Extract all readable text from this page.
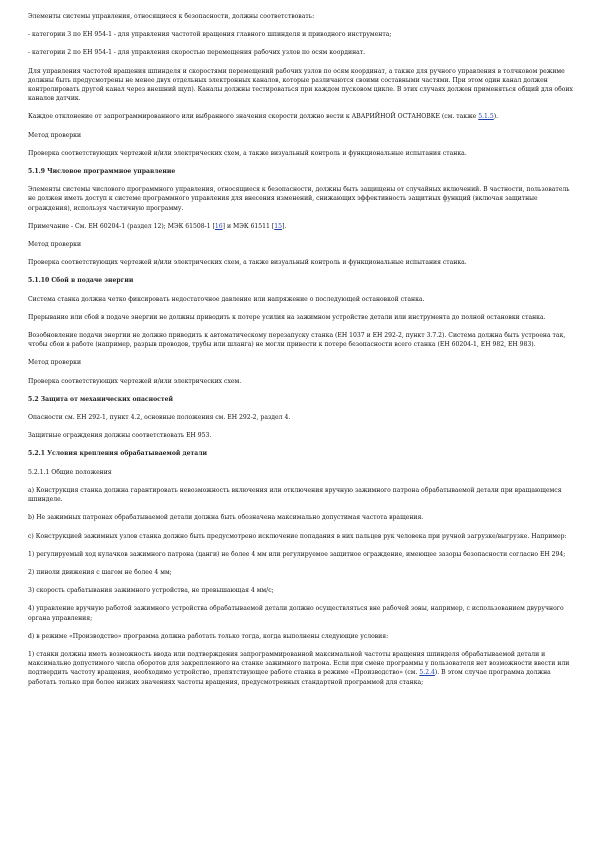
Элементы системы управления, относящиеся к безопасности, должны соответствовать:

- категории 3 по ЕН 954-1 - для управления частотой вращения главного шпинделя и приводного инструмента;

- категории 2 по ЕН 954-1 - для управления скоростью перемещения рабочих узлов по осям координат.

Для управления частотой вращения шпинделя и скоростями перемещений рабочих узлов по осям координат, а также для ручного управления в толчковом режиме должны быть предусмотрены не менее двух отдельных электронных каналов, которые различаются своими составными частями. При этом один канал должен контролировать другой канал через внешний щуп). Каналы должны тестироваться при каждом пусковом цикле. В этих случаях должен применяться общий для обоих каналов датчик.

Каждое отклонение от запрограммированного или выбранного значения скорости должно вести к АВАРИЙНОЙ ОСТАНОВКЕ (см. также 5.1.5).

Метод проверки

Проверка соответствующих чертежей и/или электрических схем, а также визуальный контроль и функциональные испытания станка.

5.1.9 Числовое программное управление

Элементы системы числового программного управления, относящиеся к безопасности, должны быть защищены от случайных включений. В частности, пользователь не должен иметь доступ к системе программного управления для внесения изменений, снижающих эффективность защитных функций (включая защитные ограждения), используя частичную программу.

Примечание - См. ЕН 60204-1 (раздел 12); МЭК 61508-1 [16] и МЭК 61511 [15].

Метод проверки

Проверка соответствующих чертежей и/или электрических схем, а также визуальный контроль и функциональные испытания станка.

5.1.10 Сбой в подаче энергии

Система станка должна четко фиксировать недостаточное давление или напряжение о последующей остановкой станка.

Прерывание или сбой в подаче энергии не должны приводить к потере усилия на зажимном устройстве детали или инструмента до полной остановки станка.

Возобновление подачи энергии не должно приводить к автоматическому перезапуску станка (ЕН 1037 и ЕН 292-2, пункт 3.7.2). Система должна быть устроена так, чтобы сбои в работе (например, разрыв проводов, трубы или шланга) не могли привести к потере безопасности всего станка (ЕН 60204-1, ЕН 982, ЕН 983).

Метод проверки

Проверка соответствующих чертежей и/или электрических схем.

5.2 Защита от механических опасностей

Опасности см. ЕН 292-1, пункт 4.2, основные положения см. ЕН 292-2, раздел 4.

Защитные ограждения должны соответствовать ЕН 953.

5.2.1 Условия крепления обрабатываемой детали

5.2.1.1 Общие положения

а) Конструкция станка должна гарантировать невозможность включения или отключения вручную зажимного патрона обрабатываемой детали при вращающемся шпинделе.

b) Не зажимных патронах обрабатываемой детали должна быть обозначена максимально допустимая частота вращения.

с) Конструкцией зажимных узлов станка должно быть предусмотрено исключение попадания в них пальцев рук человека при ручной загрузке/выгрузке. Например:

1) регулируемый ход кулачков зажимного патрона (цанги) не более 4 мм или регулируемое защитное ограждение, имеющее зазоры безопасности согласно ЕН 294;

2) пиноли движения с шагом не более 4 мм;

3) скорость срабатывания зажимного устройства, не превышающая 4 мм/с;

4) управление вручную работой зажимного устройства обрабатываемой детали должно осуществляться вне рабочей зоны, например, с использованием двуручного органа управления;

d) в режиме «Производство» программа должна работать только тогда, когда выполнены следующие условия:

1) станки должны иметь возможность ввода или подтверждения запрограммированной максимальной частоты вращения шпинделя обрабатываемой детали и максимально допустимого числа оборотов для закрепленного на станке зажимного патрона. Если при смене программы у пользователя нет возможности ввести или подтвердить частоту вращения, необходимо устройство, препятствующее работе станка в режиме «Производство» (см. 5.2.4). В этом случае программа должна работать только при более низких значениях частоты вращения, предусмотренных стандартной программой для станка;
